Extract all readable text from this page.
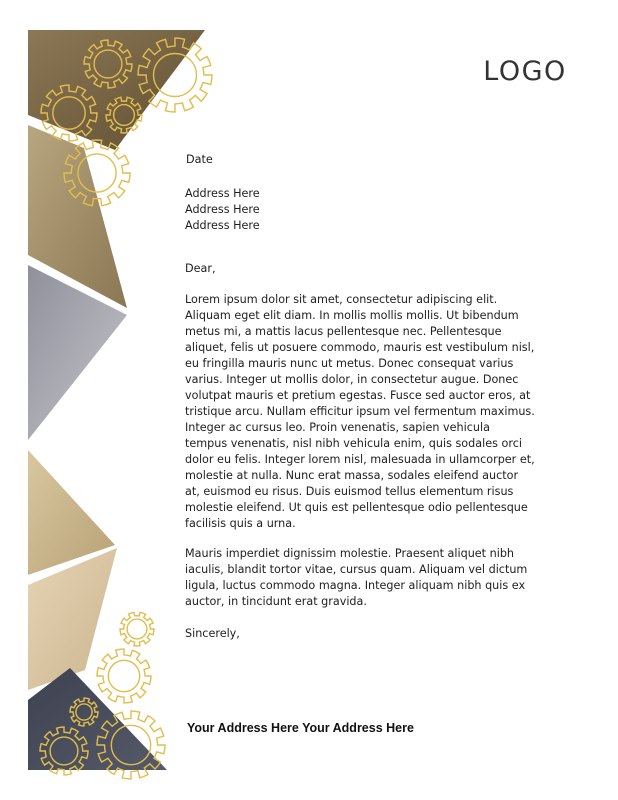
LOGO
Date
Address Here
Address Here
Address Here
Dear,
Lorem ipsum dolor sit amet, consectetur adipiscing elit. Aliquam eget elit diam. In mollis mollis mollis. Ut bibendum metus mi, a mattis lacus pellentesque nec. Pellentesque aliquet, felis ut posuere commodo, mauris est vestibulum nisl, eu fringilla mauris nunc ut metus. Donec consequat varius varius. Integer ut mollis dolor, in consectetur augue. Donec volutpat mauris et pretium egestas. Fusce sed auctor eros, at tristique arcu. Nullam efficitur ipsum vel fermentum maximus. Integer ac cursus leo. Proin venenatis, sapien vehicula tempus venenatis, nisl nibh vehicula enim, quis sodales orci dolor eu felis. Integer lorem nisl, malesuada in ullamcorper et, molestie at nulla. Nunc erat massa, sodales eleifend auctor at, euismod eu risus. Duis euismod tellus elementum risus molestie eleifend. Ut quis est pellentesque odio pellentesque facilisis quis a urna.
Mauris imperdiet dignissim molestie. Praesent aliquet nibh iaculis, blandit tortor vitae, cursus quam. Aliquam vel dictum ligula, luctus commodo magna. Integer aliquam nibh quis ex auctor, in tincidunt erat gravida.
Sincerely,
Your Address Here Your Address Here
